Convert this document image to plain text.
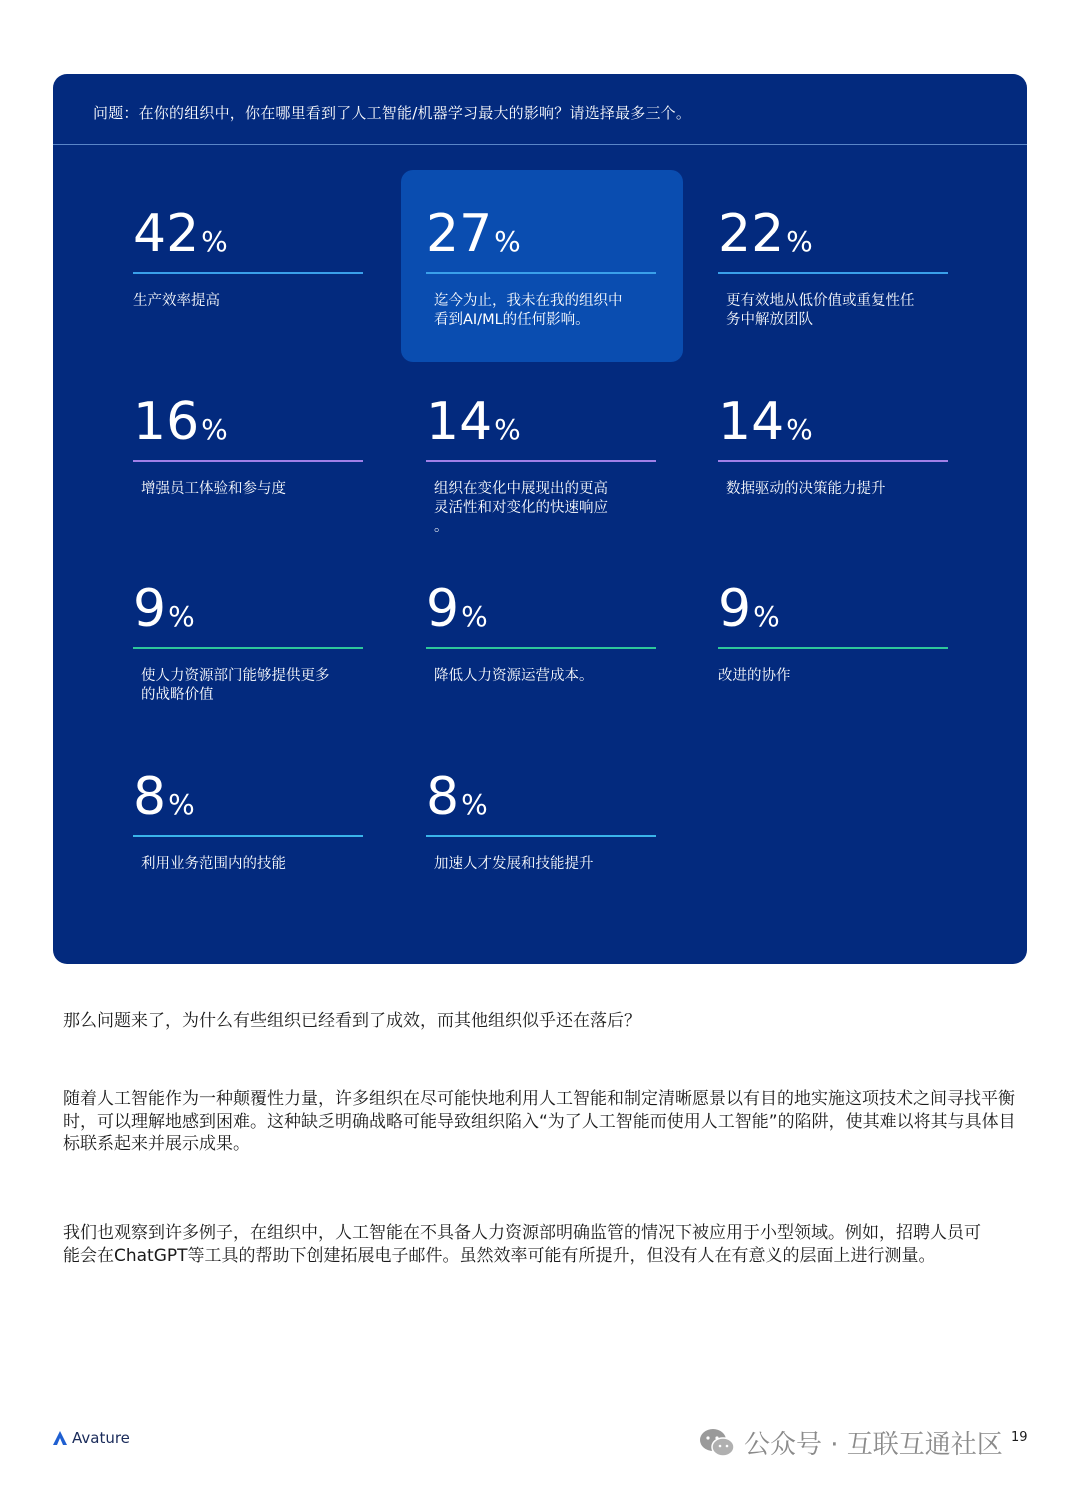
问题：在你的组织中，你在哪里看到了人工智能/机器学习最大的影响？请选择最多三个。
42%
生产效率提高
27%
迄今为止，我未在我的组织中
看到AI/ML的任何影响。
22%
更有效地从低价值或重复性任
务中解放团队
16%
增强员工体验和参与度
14%
组织在变化中展现出的更高
灵活性和对变化的快速响应
。
14%
数据驱动的决策能力提升
9%
使人力资源部门能够提供更多
的战略价值
9%
降低人力资源运营成本。
9%
改进的协作
8%
利用业务范围内的技能
8%
加速人才发展和技能提升
那么问题来了，为什么有些组织已经看到了成效，而其他组织似乎还在落后？
随着人工智能作为一种颠覆性力量，许多组织在尽可能快地利用人工智能和制定清晰愿景以有目的地实施这项技术之间寻找平衡时，可以理解地感到困难。这种缺乏明确战略可能导致组织陷入“为了人工智能而使用人工智能”的陷阱，使其难以将其与具体目标联系起来并展示成果。
我们也观察到许多例子，在组织中，人工智能在不具备人力资源部明确监管的情况下被应用于小型领域。例如，招聘人员可能会在ChatGPT等工具的帮助下创建拓展电子邮件。虽然效率可能有所提升，但没有人在有意义的层面上进行测量。
Avature	公众号 · 互联互通社区 19
